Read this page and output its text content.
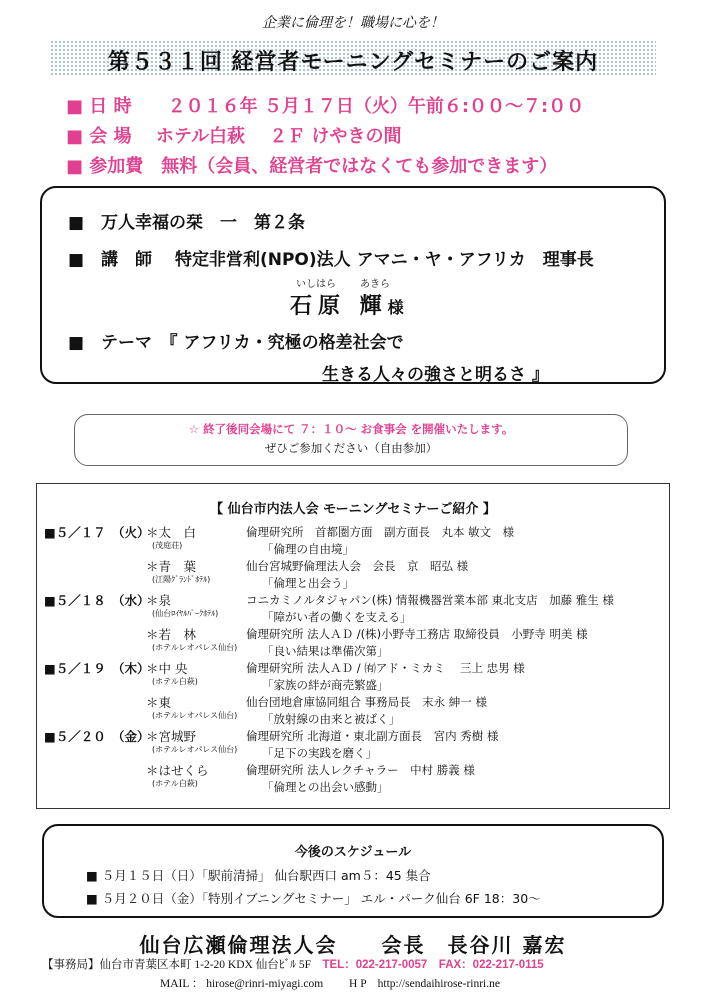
企業に倫理を！職場に心を！
第５３１回 経営者モーニングセミナーのご案内
■ 日 時　　 ２０１６年 ５月１７日（火）午前６:００～７:００
■ 会 場　 ホテル白萩　 ２Ｆ けやきの間
■ 参加費　 無料（会員、経営者ではなくても参加できます）
■　万人幸福の栞　一　第２条
■　講　師　 特定非営利(NPO)法人 アマニ・ヤ・アフリカ　理事長
いしはら あきら
石原 輝様
■　テーマ　『 アフリカ・究極の格差社会で
生きる人々の強さと明るさ 』
☆ 終了後同会場にて ７：１０～ お食事会 を開催いたします。
ぜひご参加ください（自由参加）
【 仙台市内法人会 モーニングセミナーご紹介 】
■５／１７　（火）
＊太　白
(茂庭荘)
倫理研究所　首都圏方面　副方面長　丸本 敏文　様
「倫理の自由境」
＊青　葉
(江陽ｸﾞﾗﾝﾄﾞﾎﾃﾙ)
仙台宮城野倫理法人会　会長　京　昭弘 様
「倫理と出会う」
■５／１８　（水）
＊泉
(仙台ﾛｲﾔﾙﾊﾟｰｸﾎﾃﾙ)
コニカミノルタジャパン(株) 情報機器営業本部 東北支店　加藤 雅生 様
「障がい者の働くを支える」
＊若　林
(ホテルレオパレス仙台)
倫理研究所 法人ＡＤ /(株)小野寺工務店 取締役員　小野寺 明美 様
「良い結果は準備次第」
■５／１９　（木）
＊中 央
(ホテル白萩)
倫理研究所 法人ＡＤ / ㈲アド・ミカミ　 三上 忠男 様
「家族の絆が商売繁盛」
＊東
(ホテルレオパレス仙台)
仙台団地倉庫協同組合 事務局長　末永 紳一 様
「放射線の由来と被ばく」
■５／２０　（金）
＊宮城野
(ホテルレオパレス仙台)
倫理研究所 北海道・東北副方面長　宮内 秀樹 様
「足下の実践を磨く」
＊はせくら
(ホテル白萩)
倫理研究所 法人レクチャラー　中村 勝義 様
「倫理との出会い感動」
今後のスケジュール
■ ５月１５日（日）「駅前清掃」 仙台駅西口 am５：45 集合
■ ５月２０日（金）「特別イブニングセミナー」 エル・パーク仙台 6F 18：30～
仙台広瀬倫理法人会　　会長　長谷川 嘉宏
【事務局】仙台市青葉区本町 1-2-20 KDX 仙台ﾋﾞﾙ 5F　TEL：022-217-0057　FAX：022-217-0115
MAIL ： hirose@rinri-miyagi.com　　 H P　http://sendaihirose-rinri.ne
